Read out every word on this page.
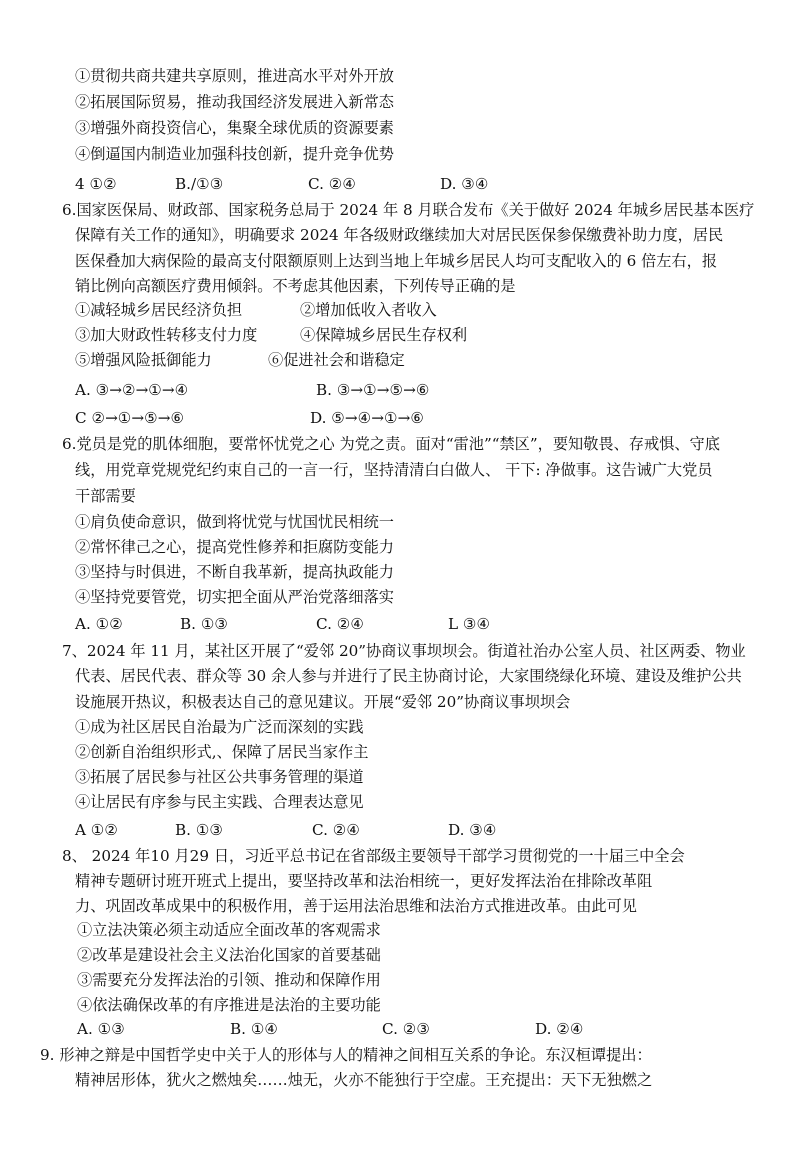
①贯彻共商共建共享原则，推进高水平对外开放
②拓展国际贸易，推动我国经济发展进入新常态
③增强外商投资信心，集聚全球优质的资源要素
④倒逼国内制造业加强科技创新，提升竞争优势
4 ①②	B./①③	C. ②④	D. ③④
6.国家医保局、财政部、国家税务总局于 2024 年 8 月联合发布《关于做好 2024 年城乡居民基本医疗
保障有关工作的通知》，明确要求 2024 年各级财政继续加大对居民医保参保缴费补助力度，居民
医保叠加大病保险的最高支付限额原则上达到当地上年城乡居民人均可支配收入的 6 倍左右，报
销比例向高额医疗费用倾斜。不考虑其他因素，下列传导正确的是
①减轻城乡居民经济负担	②增加低收入者收入
③加大财政性转移支付力度	④保障城乡居民生存权利
⑤增强风险抵御能力	⑥促进社会和谐稳定
A. ③→②→①→④	B. ③→①→⑤→⑥
C ②→①→⑤→⑥	D. ⑤→④→①→⑥
6.党员是党的肌体细胞，要常怀忧党之心 为党之责。面对“雷池”“禁区”，要知敬畏、存戒惧、守底
线，用党章党规党纪约束自己的一言一行，坚持清清白白做人、 干下: 净做事。这告诫广大党员
干部需要
①肩负使命意识，做到将忧党与忧国忧民相统一
②常怀律己之心，提高党性修养和拒腐防变能力
③坚持与时俱进，不断自我革新，提高执政能力
④坚持党要管党，切实把全面从严治党落细落实
A. ①②	B. ①③	C. ②④	L ③④
7、2024 年 11 月，某社区开展了“爱邻 20”协商议事坝坝会。街道社治办公室人员、社区两委、物业
代表、居民代表、群众等 30 余人参与并进行了民主协商讨论，大家围绕绿化环境、建设及维护公共
设施展开热议，积极表达自己的意见建议。开展“爱邻 20”协商议事坝坝会
①成为社区居民自治最为广泛而深刻的实践
②创新自治组织形式,、保障了居民当家作主
③拓展了居民参与社区公共事务管理的渠道
④让居民有序参与民主实践、合理表达意见
A ①②	B. ①③	C. ②④	D. ③④
8、 2024 年10 月29 日，习近平总书记在省部级主要领导干部学习贯彻党的一十届三中全会
精神专题研讨班开班式上提出，要坚持改革和法治相统一，更好发挥法治在排除改革阻
力、巩固改革成果中的积极作用，善于运用法治思维和法治方式推进改革。由此可见
①立法决策必须主动适应全面改革的客观需求
②改革是建设社会主义法治化国家的首要基础
③需要充分发挥法治的引领、推动和保障作用
④依法确保改革的有序推进是法治的主要功能
A. ①③	B. ①④	C. ②③	D. ②④
9. 形神之辩是中国哲学史中关于人的形体与人的精神之间相互关系的争论。东汉桓谭提出：
精神居形体，犹火之燃烛矣……烛无，火亦不能独行于空虚。王充提出：天下无独燃之
